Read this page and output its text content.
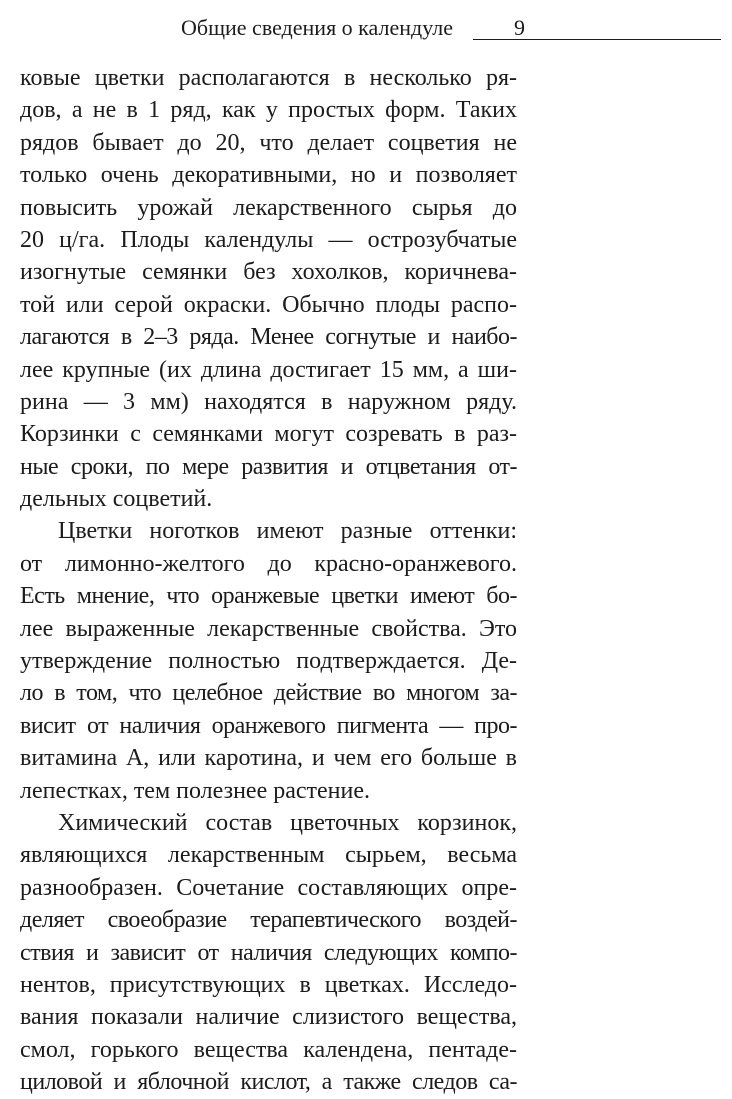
Общие сведения о календуле	9
ковые цветки располагаются в несколько ря-
дов, а не в 1 ряд, как у простых форм. Таких
рядов бывает до 20, что делает соцветия не
только очень декоративными, но и позволяет
повысить урожай лекарственного сырья до
20 ц/га. Плоды календулы — острозубчатые
изогнутые семянки без хохолков, коричнева-
той или серой окраски. Обычно плоды распо-
лагаются в 2–3 ряда. Менее согнутые и наибо-
лее крупные (их длина достигает 15 мм, а ши-
рина — 3 мм) находятся в наружном ряду.
Корзинки с семянками могут созревать в раз-
ные сроки, по мере развития и отцветания от-
дельных соцветий.
Цветки ноготков имеют разные оттенки:
от лимонно-желтого до красно-оранжевого.
Есть мнение, что оранжевые цветки имеют бо-
лее выраженные лекарственные свойства. Это
утверждение полностью подтверждается. Де-
ло в том, что целебное действие во многом за-
висит от наличия оранжевого пигмента — про-
витамина А, или каротина, и чем его больше в
лепестках, тем полезнее растение.
Химический состав цветочных корзинок,
являющихся лекарственным сырьем, весьма
разнообразен. Сочетание составляющих опре-
деляет своеобразие терапевтического воздей-
ствия и зависит от наличия следующих компо-
нентов, присутствующих в цветках. Исследо-
вания показали наличие слизистого вещества,
смол, горького вещества календена, пентаде-
циловой и яблочной кислот, а также следов са-
